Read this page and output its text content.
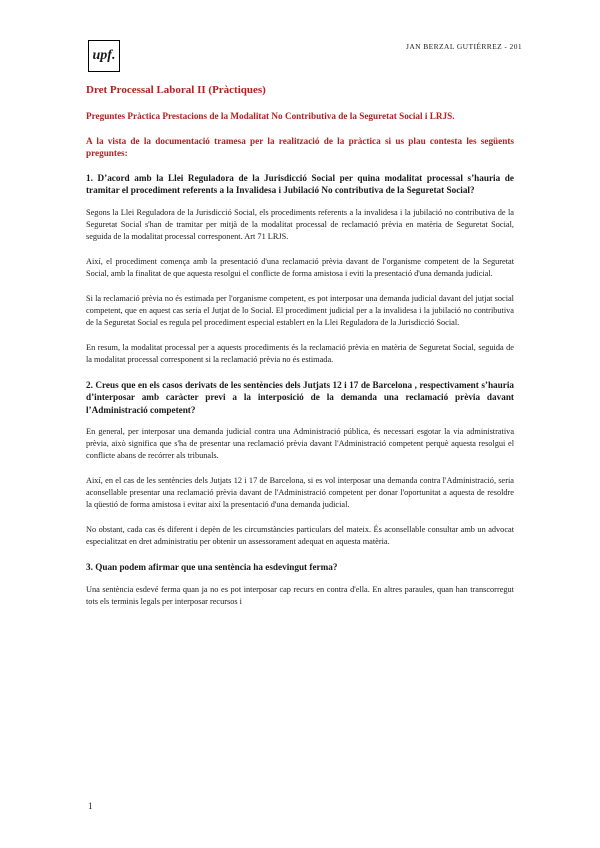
upf.
JAN BERZAL GUTIÉRREZ - 201

Dret Processal Laboral II (Pràctiques)

Preguntes Pràctica Prestacions de la Modalitat No Contributiva de la Seguretat Social i LRJS.

A la vista de la documentació tramesa per la realització de la pràctica si us plau contesta les següents preguntes:

1. D’acord amb la Llei Reguladora de la Jurisdicció Social per quina modalitat processal s’hauria de tramitar el procediment referents a la Invalidesa i Jubilació No contributiva de la Seguretat Social?

Segons la Llei Reguladora de la Jurisdicció Social, els procediments referents a la invalidesa i la jubilació no contributiva de la Seguretat Social s'han de tramitar per mitjà de la modalitat processal de reclamació prèvia en matèria de Seguretat Social, seguida de la modalitat processal corresponent. Art 71 LRJS.

Així, el procediment comença amb la presentació d'una reclamació prèvia davant de l'organisme competent de la Seguretat Social, amb la finalitat de que aquesta resolgui el conflicte de forma amistosa i eviti la presentació d'una demanda judicial.

Si la reclamació prèvia no és estimada per l'organisme competent, es pot interposar una demanda judicial davant del jutjat social competent, que en aquest cas seria el Jutjat de lo Social. El procediment judicial per a la invalidesa i la jubilació no contributiva de la Seguretat Social es regula pel procediment especial establert en la Llei Reguladora de la Jurisdicció Social.

En resum, la modalitat processal per a aquests procediments és la reclamació prèvia en matèria de Seguretat Social, seguida de la modalitat processal corresponent si la reclamació prèvia no és estimada.

2. Creus que en els casos derivats de les sentències dels Jutjats 12 i 17 de Barcelona , respectivament s’hauria d’interposar amb caràcter previ a la interposició de la demanda una reclamació prèvia davant l’Administració competent?

En general, per interposar una demanda judicial contra una Administració pública, és necessari esgotar la via administrativa prèvia, això significa que s'ha de presentar una reclamació prèvia davant l'Administració competent perquè aquesta resolgui el conflicte abans de recórrer als tribunals.

Així, en el cas de les sentències dels Jutjats 12 i 17 de Barcelona, si es vol interposar una demanda contra l'Administració, seria aconsellable presentar una reclamació prèvia davant de l'Administració competent per donar l'oportunitat a aquesta de resoldre la qüestió de forma amistosa i evitar així la presentació d'una demanda judicial.

No obstant, cada cas és diferent i depèn de les circumstàncies particulars del mateix. És aconsellable consultar amb un advocat especialitzat en dret administratiu per obtenir un assessorament adequat en aquesta matèria.

3. Quan podem afirmar que una sentència ha esdevingut ferma?

Una sentència esdevé ferma quan ja no es pot interposar cap recurs en contra d'ella. En altres paraules, quan han transcorregut tots els terminis legals per interposar recursos i

1
